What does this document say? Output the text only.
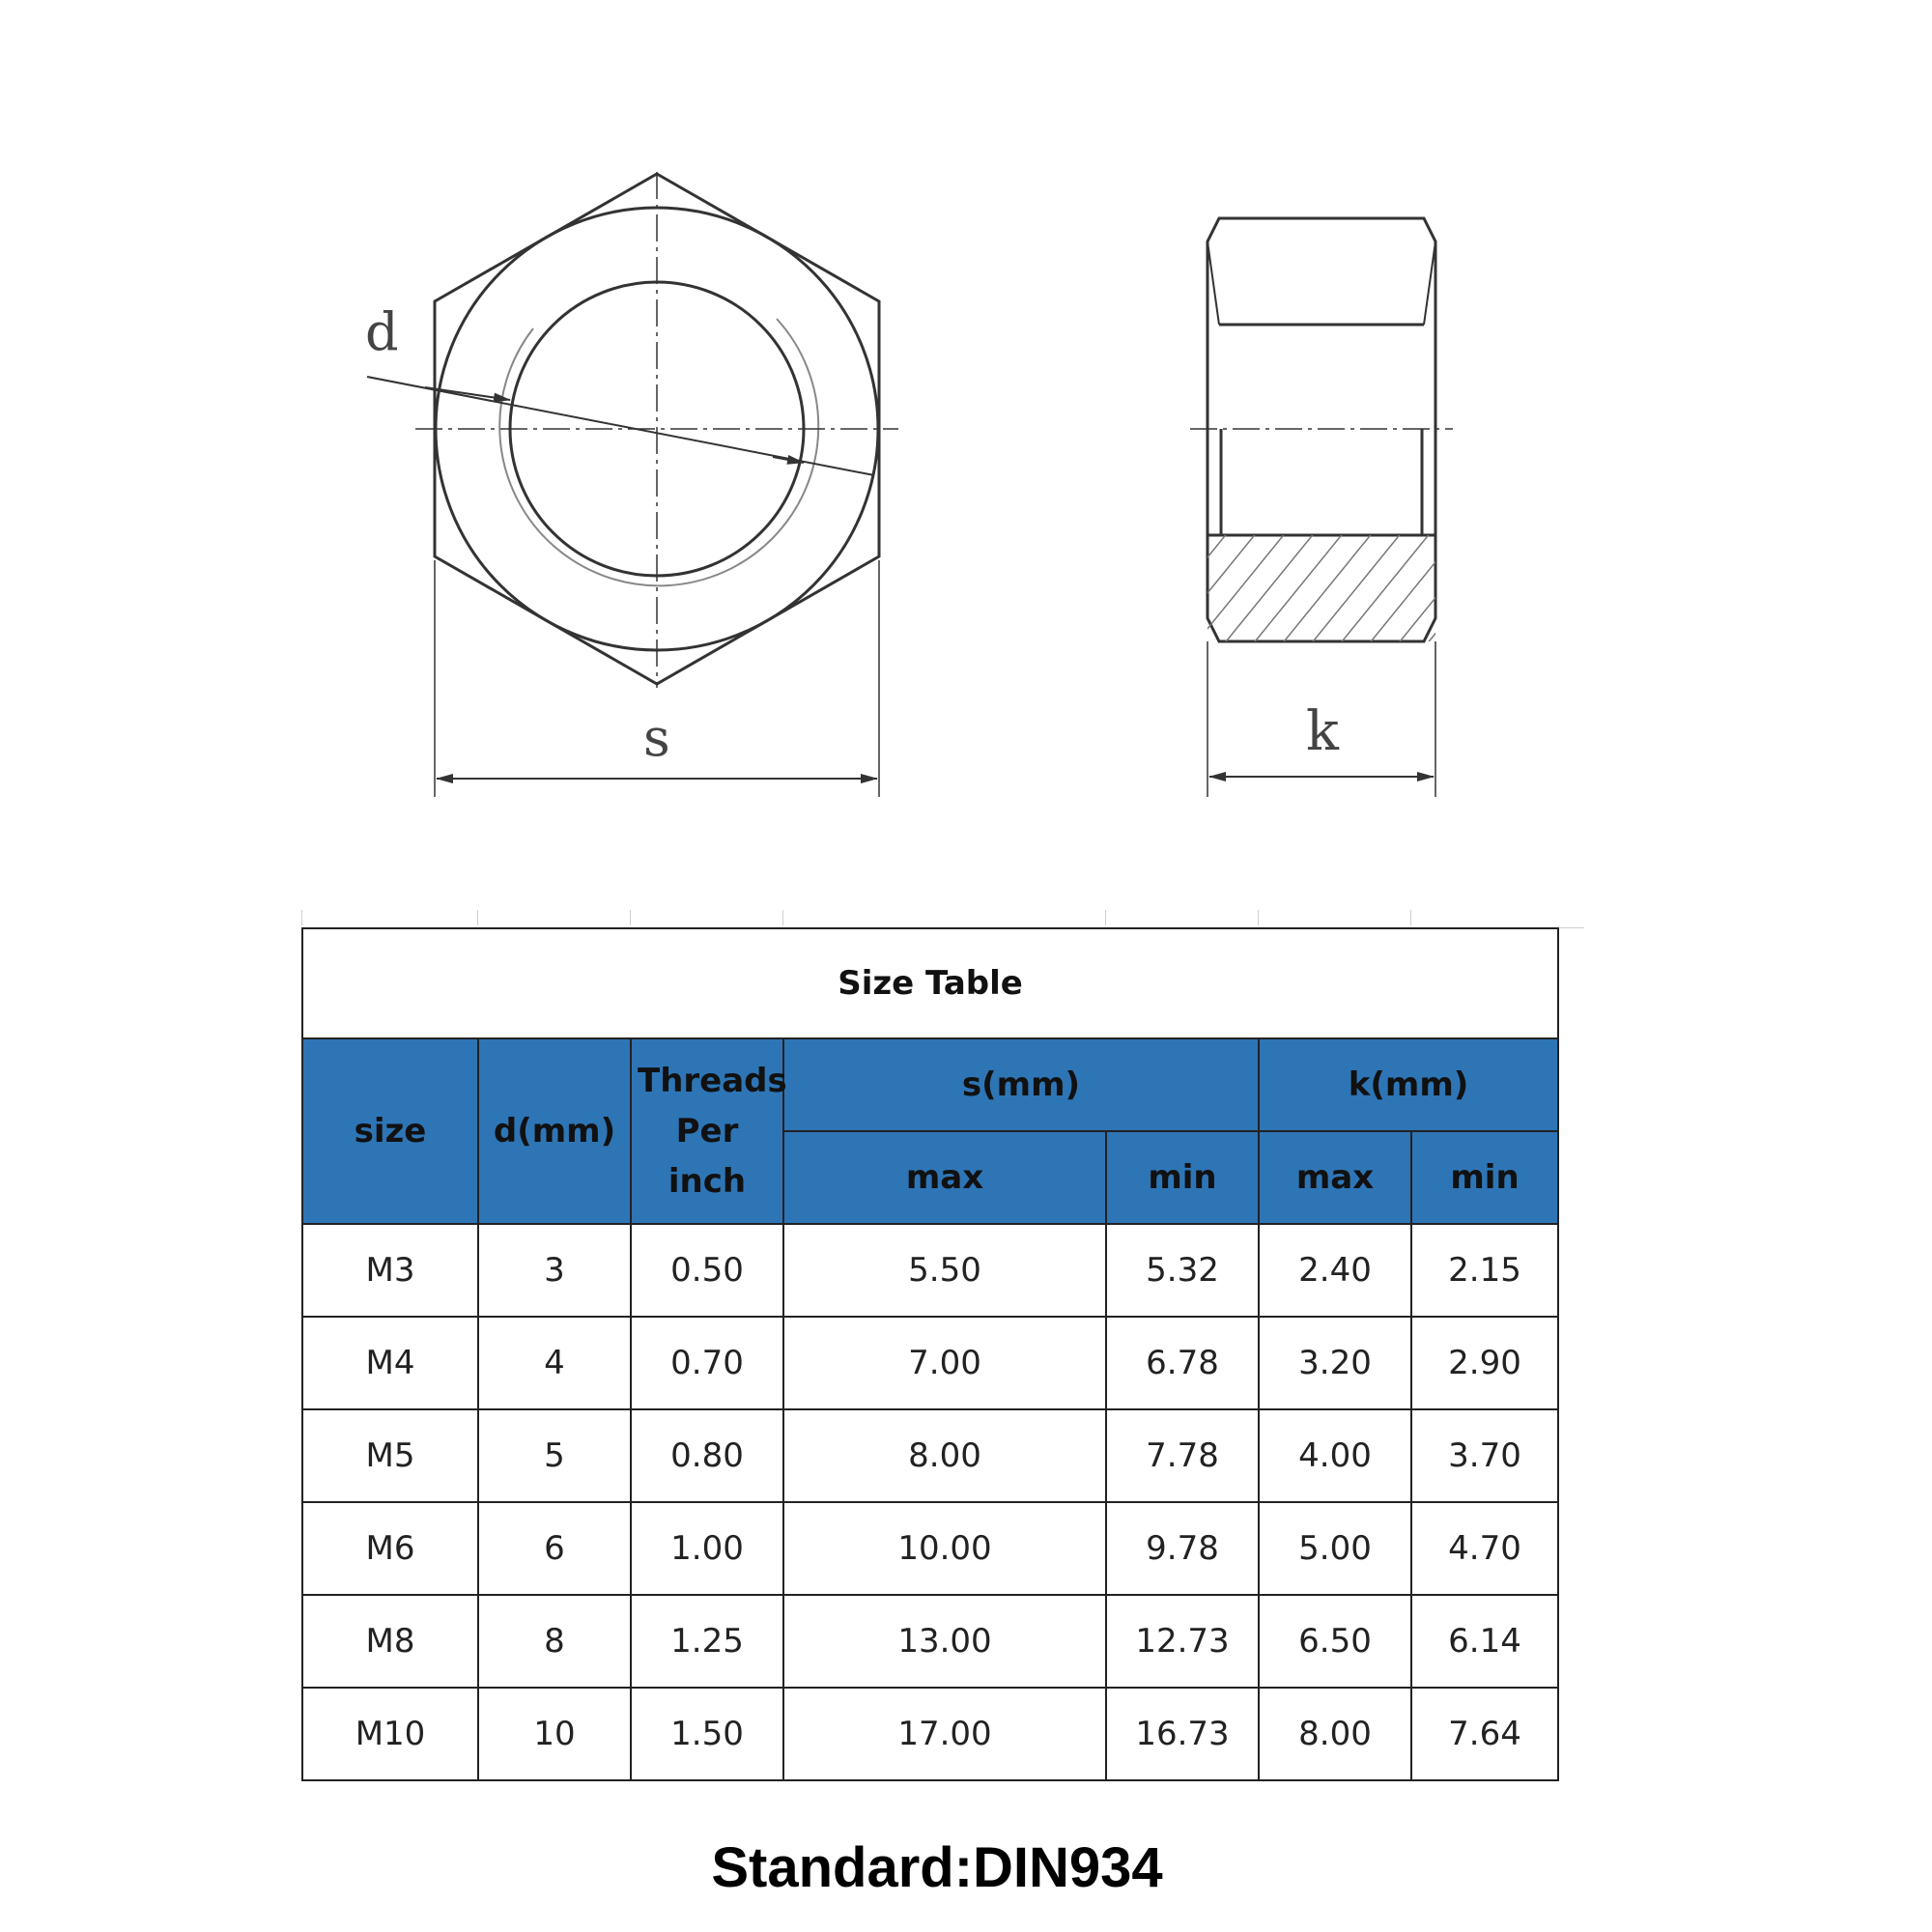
d
s	k
Size Table						
size	d(mm)	Threads Per inch	s(mm)		k(mm)	
			max	min	max	min
M3	3	0.50	5.50	5.32	2.40	2.15
M4	4	0.70	7.00	6.78	3.20	2.90
M5	5	0.80	8.00	7.78	4.00	3.70
M6	6	1.00	10.00	9.78	5.00	4.70
M8	8	1.25	13.00	12.73	6.50	6.14
M10	10	1.50	17.00	16.73	8.00	7.64
Standard:DIN934
